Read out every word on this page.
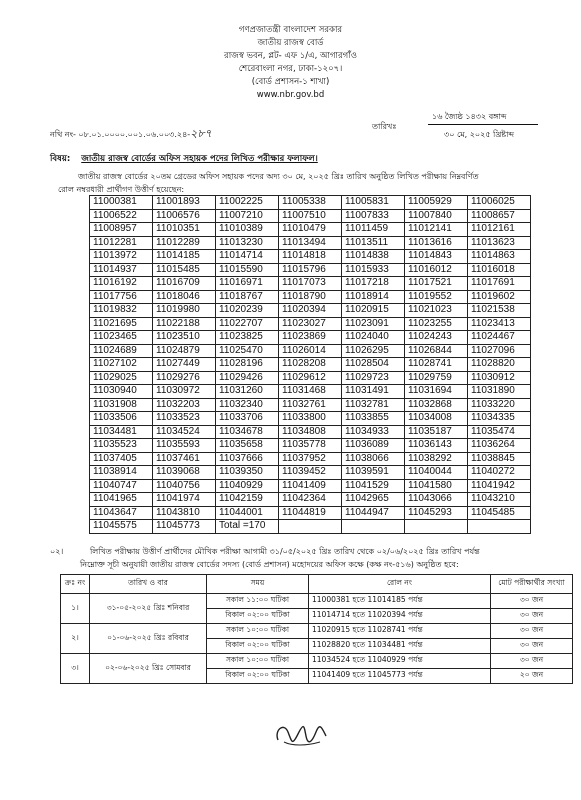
গণপ্রজাতন্ত্রী বাংলাদেশ সরকার
জাতীয় রাজস্ব বোর্ড
রাজস্ব ভবন, প্লট- এফ ১/এ, আগারগাঁও
শেরেবাংলা নগর, ঢাকা-১২০৭।
(বোর্ড প্রশাসন-১ শাখা)
www.nbr.gov.bd
নথি নং- ০৮.০১.০০০০.০০১.০৬.০০৩.২৪-২৮৭
তারিখঃ
১৬ জ্যৈষ্ঠ ১৪৩২ বঙ্গাব্দ
৩০ মে, ২০২৫ খ্রিষ্টাব্দ
বিষয়: জাতীয় রাজস্ব বোর্ডের অফিস সহায়ক পদের লিখিত পরীক্ষার ফলাফল।
জাতীয় রাজস্ব বোর্ডের ২০তম গ্রেডের অফিস সহায়ক পদের অদ্য ৩০ মে, ২০২৫ খ্রিঃ তারিখ অনুষ্ঠিত লিখিত পরীক্ষায় নিম্নবর্ণিত
রোল নম্বরধারী প্রার্থীগণ উত্তীর্ণ হয়েছেন:
11000381	11001893	11002225	11005338	11005831	11005929	11006025
11006522	11006576	11007210	11007510	11007833	11007840	11008657
11008957	11010351	11010389	11010479	11011459	11012141	11012161
11012281	11012289	11013230	11013494	11013511	11013616	11013623
11013972	11014185	11014714	11014818	11014838	11014843	11014863
11014937	11015485	11015590	11015796	11015933	11016012	11016018
11016192	11016709	11016971	11017073	11017218	11017521	11017691
11017756	11018046	11018767	11018790	11018914	11019552	11019602
11019832	11019980	11020239	11020394	11020915	11021023	11021538
11021695	11022188	11022707	11023027	11023091	11023255	11023413
11023465	11023510	11023825	11023869	11024040	11024243	11024467
11024689	11024879	11025470	11026014	11026295	11026844	11027096
11027102	11027449	11028196	11028208	11028504	11028741	11028820
11029025	11029276	11029426	11029612	11029723	11029759	11030912
11030940	11030972	11031260	11031468	11031491	11031694	11031890
11031908	11032203	11032340	11032761	11032781	11032868	11033220
11033506	11033523	11033706	11033800	11033855	11034008	11034335
11034481	11034524	11034678	11034808	11034933	11035187	11035474
11035523	11035593	11035658	11035778	11036089	11036143	11036264
11037405	11037461	11037666	11037952	11038066	11038292	11038845
11038914	11039068	11039350	11039452	11039591	11040044	11040272
11040747	11040756	11040929	11041409	11041529	11041580	11041942
11041965	11041974	11042159	11042364	11042965	11043066	11043210
11043647	11043810	11044001	11044819	11044947	11045293	11045485
11045575	11045773	Total =170				
০২।	লিখিত পরীক্ষায় উত্তীর্ণ প্রার্থীদের মৌখিক পরীক্ষা আগামী ৩১/০৫/২০২৫ খ্রিঃ তারিখ থেকে ০২/০৬/২০২৫ খ্রিঃ তারিখ পর্যন্ত
নিম্নোক্ত সূচী অনুযায়ী জাতীয় রাজস্ব বোর্ডের সদস্য (বোর্ড প্রশাসন) মহোদয়ের অফিস কক্ষে (কক্ষ নং-৫১৬) অনুষ্ঠিত হবে:
ক্রঃ নং	তারিখ ও বার	সময়	রোল নং	মোট পরীক্ষার্থীর সংখ্যা
১।	৩১-০৫-২০২৫ খ্রিঃ শনিবার	সকাল ১১:০০ ঘটিকা	11000381 হতে 11014185 পর্যন্ত	৩০ জন
		বিকাল ০২:০০ ঘটিকা	11014714 হতে 11020394 পর্যন্ত	৩০ জন
২।	০১-০৬-২০২৫ খ্রিঃ রবিবার	সকাল ১০:০০ ঘটিকা	11020915 হতে 11028741 পর্যন্ত	৩০ জন
		বিকাল ০২:০০ ঘটিকা	11028820 হতে 11034481 পর্যন্ত	৩০ জন
৩।	০২-০৬-২০২৫ খ্রিঃ সোমবার	সকাল ১০:০০ ঘটিকা	11034524 হতে 11040929 পর্যন্ত	৩০ জন
		বিকাল ০২:০০ ঘটিকা	11041409 হতে 11045773 পর্যন্ত	২০ জন
